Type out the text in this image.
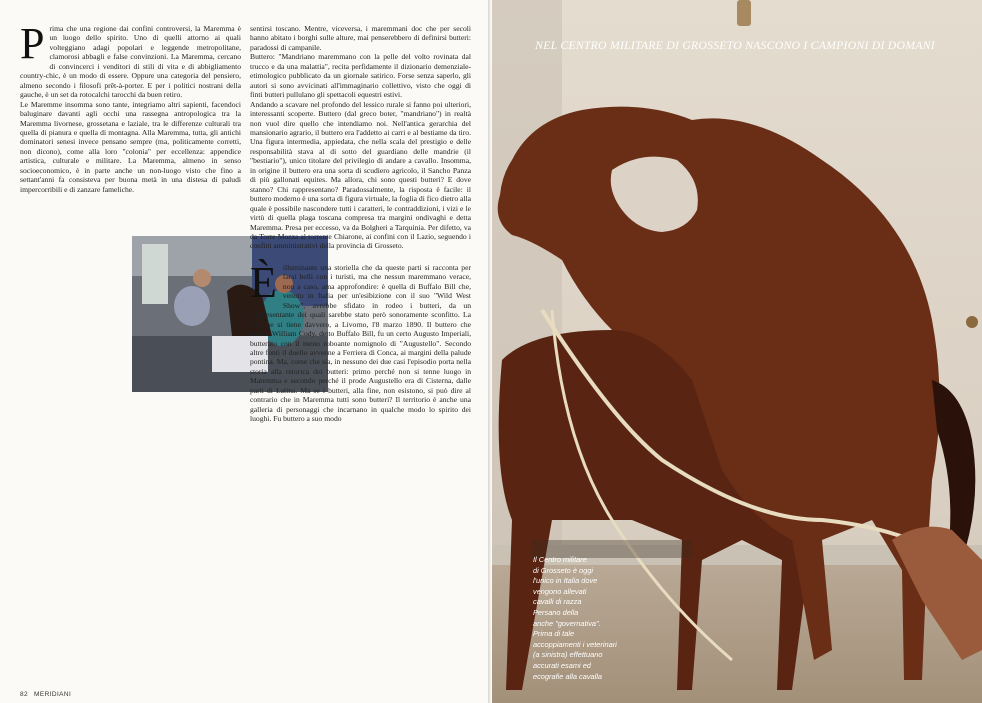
Prima che una regione dai confini controversi, la Maremma è un luogo dello spirito. Uno di quelli attorno ai quali volteggiano adagi popolari e leggende metropolitane, clamorosi abbagli e false convinzioni. La Maremma, cercano di convincerci i venditori di stili di vita e di abbigliamento country-chic, è un modo di essere. Oppure una categoria del pensiero, almeno secondo i filosofi prêt-à-porter. E per i politici nostrani della gauche, è un set da rotocalchi tarocchi da buen retiro.

Le Maremme insomma sono tante, integriamo altri sapienti, facendoci baluginare davanti agli occhi una rassegna antropologica tra la Maremma livornese, grossetana e laziale, tra le differenze culturali tra quella di pianura e quella di montagna. Alla Maremma, tutta, gli antichi dominatori senesi invece pensano sempre (ma, politicamente corretti, non dicono), come alla loro "colonia" per eccellenza: appendice artistica, culturale e militare. La Maremma, almeno in senso socioeconomico, è in parte anche un non-luogo visto che fino a settant'anni fa consisteva per buona metà in una distesa di paludi impercorribili e di zanzare fameliche.

sentirsi toscano. Mentre, viceversa, i maremmani doc che per secoli hanno abitato i borghi sulle alture, mai penserebbero di definirsi butteri: paradossi di campanile.

Buttero: "Mandriano maremmano con la pelle del volto rovinata dal trucco e da una malattia", recita perfidamente il dizionario demenziale-etimologico pubblicato da un giornale satirico. Forse senza saperlo, gli autori si sono avvicinati all'immaginario collettivo, visto che oggi di finti butteri pullulano gli spettacoli equestri estivi.

Andando a scavare nel profondo del lessico rurale si fanno poi ulteriori, interessanti scoperte. Buttero (dal greco boter, "mandriano") in realtà non vuol dire quello che intendiamo noi. Nell'antica gerarchia del mansionario agrario, il buttero era l'addetto ai carri e al bestiame da tiro. Una figura intermedia, appiedata, che nella scala del prestigio e delle responsabilità stava al di sotto del guardiano delle mandrie (il "bestiario"), unico titolare del privilegio di andare a cavallo. Insomma, in origine il buttero era una sorta di scudiero agricolo, il Sancho Panza di più gallonati equites. Ma allora, chi sono questi butteri? E dove stanno? Chi rappresentano? Paradossalmente, la risposta è facile: il buttero moderno è una sorta di figura virtuale, la foglia di fico dietro alla quale è possibile nascondere tutti i caratteri, le contraddizioni, i vizi e le virtù di quella plaga toscana compresa tra margini ondivaghi e detta Maremma. Presa per eccesso, va da Bolgheri a Tarquinia. Per difetto, va da Torre Mozza al torrente Chiarone, ai confini con il Lazio, seguendo i confini amministrativi della provincia di Grosseto.

Èilluminante una storiella che da queste parti si racconta per farsi belli con i turisti, ma che nessun maremmano verace, non a caso, ama approfondire: è quella di Buffalo Bill che, venuto in Italia per un'esibizione con il suo "Wild West Show", avrebbe sfidato in rodeo i butteri, da un rappresentante dei quali sarebbe stato però sonoramente sconfitto. La tenzone si tiene davvero, a Livorno, l'8 marzo 1890. Il buttero che umiliò William Cody, detto Buffalo Bill, fu un certo Augusto Imperiali, butterato con il meno roboante nomignolo di "Augustello". Secondo altre fonti il duello avvenne a Ferriera di Conca, ai margini della palude pontina. Ma, come che sia, in nessuno dei due casi l'episodio porta nella storia alla retorica dei butteri: primo perché non si tenne luogo in Maremma e secondo perché il prode Augustello era di Cisterna, dalle parti di Latina. Ma se i butteri, alla fine, non esistono, si può dire al contrario che in Maremma tutti sono butteri? Il territorio è anche una galleria di personaggi che incarnano in qualche modo lo spirito dei luoghi. Fu buttero a suo modo

82 MERIDIANI
NEL CENTRO MILITARE DI GROSSETO NASCONO I CAMPIONI DI DOMANI
Il Centro militare
di Grosseto è oggi
l'unico in Italia dove
vengono allevati
cavalli di razza
Persano della
anche "governativa".
Prima di tale
accoppiamenti i veterinari
(a sinistra) effettuano
accurati esami ed
ecografie alla cavalla
